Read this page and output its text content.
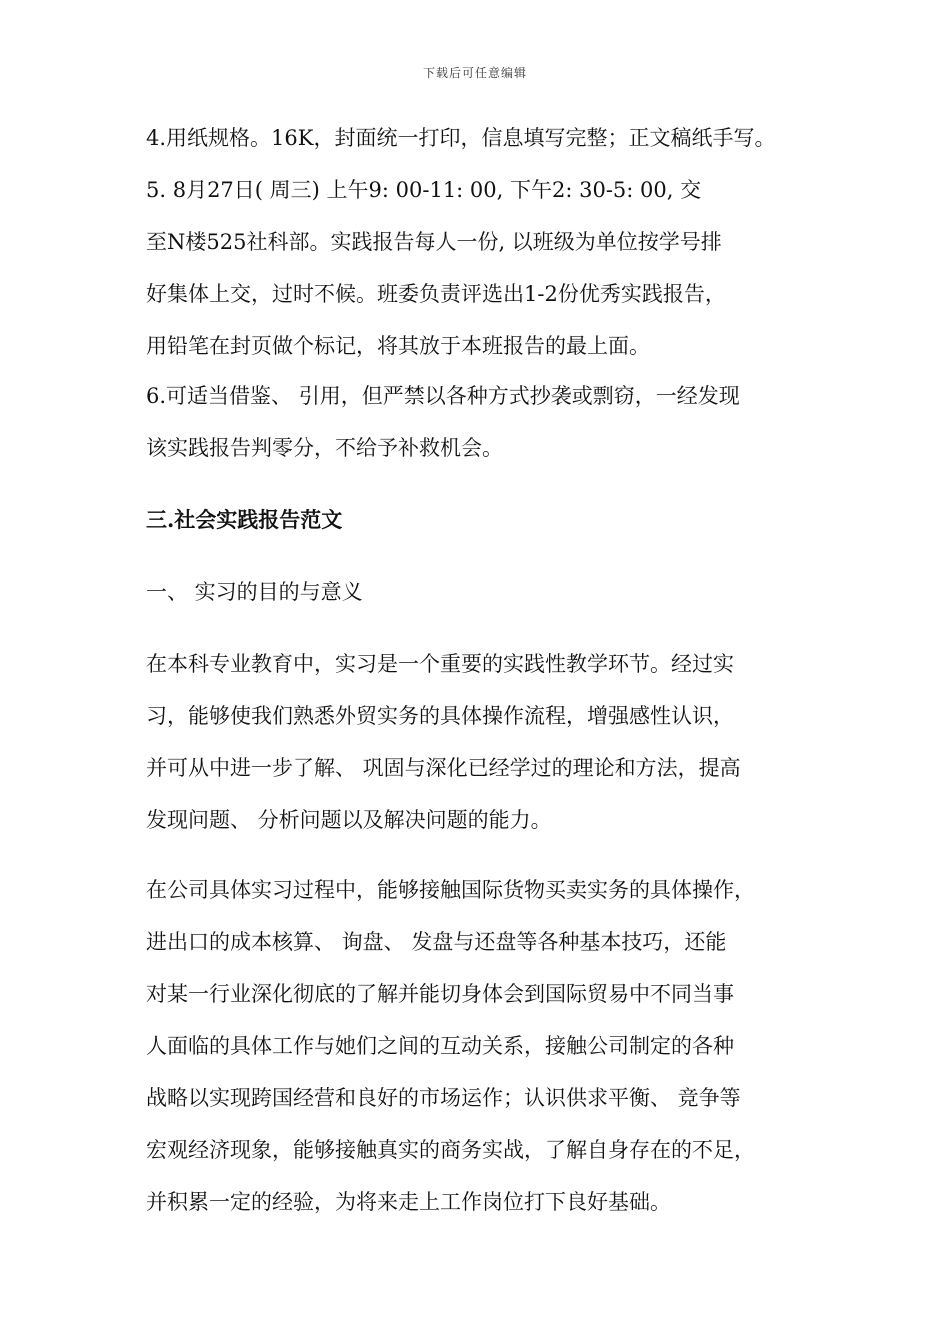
下载后可任意编辑
4.用纸规格。16K，封面统一打印，信息填写完整；正文稿纸手写。
5. 8月27日( 周三) 上午9: 00-11: 00, 下午2: 30-5: 00, 交
至N楼525社科部。实践报告每人一份, 以班级为单位按学号排
好集体上交，过时不候。班委负责评选出1-2份优秀实践报告，
用铅笔在封页做个标记，将其放于本班报告的最上面。
6.可适当借鉴、 引用，但严禁以各种方式抄袭或剽窃，一经发现
该实践报告判零分，不给予补救机会。
三.社会实践报告范文
一、 实习的目的与意义
在本科专业教育中，实习是一个重要的实践性教学环节。经过实
习，能够使我们熟悉外贸实务的具体操作流程，增强感性认识，
并可从中进一步了解、 巩固与深化已经学过的理论和方法，提高
发现问题、 分析问题以及解决问题的能力。
在公司具体实习过程中，能够接触国际货物买卖实务的具体操作，
进出口的成本核算、 询盘、 发盘与还盘等各种基本技巧，还能
对某一行业深化彻底的了解并能切身体会到国际贸易中不同当事
人面临的具体工作与她们之间的互动关系，接触公司制定的各种
战略以实现跨国经营和良好的市场运作；认识供求平衡、 竞争等
宏观经济现象，能够接触真实的商务实战，了解自身存在的不足，
并积累一定的经验，为将来走上工作岗位打下良好基础。
